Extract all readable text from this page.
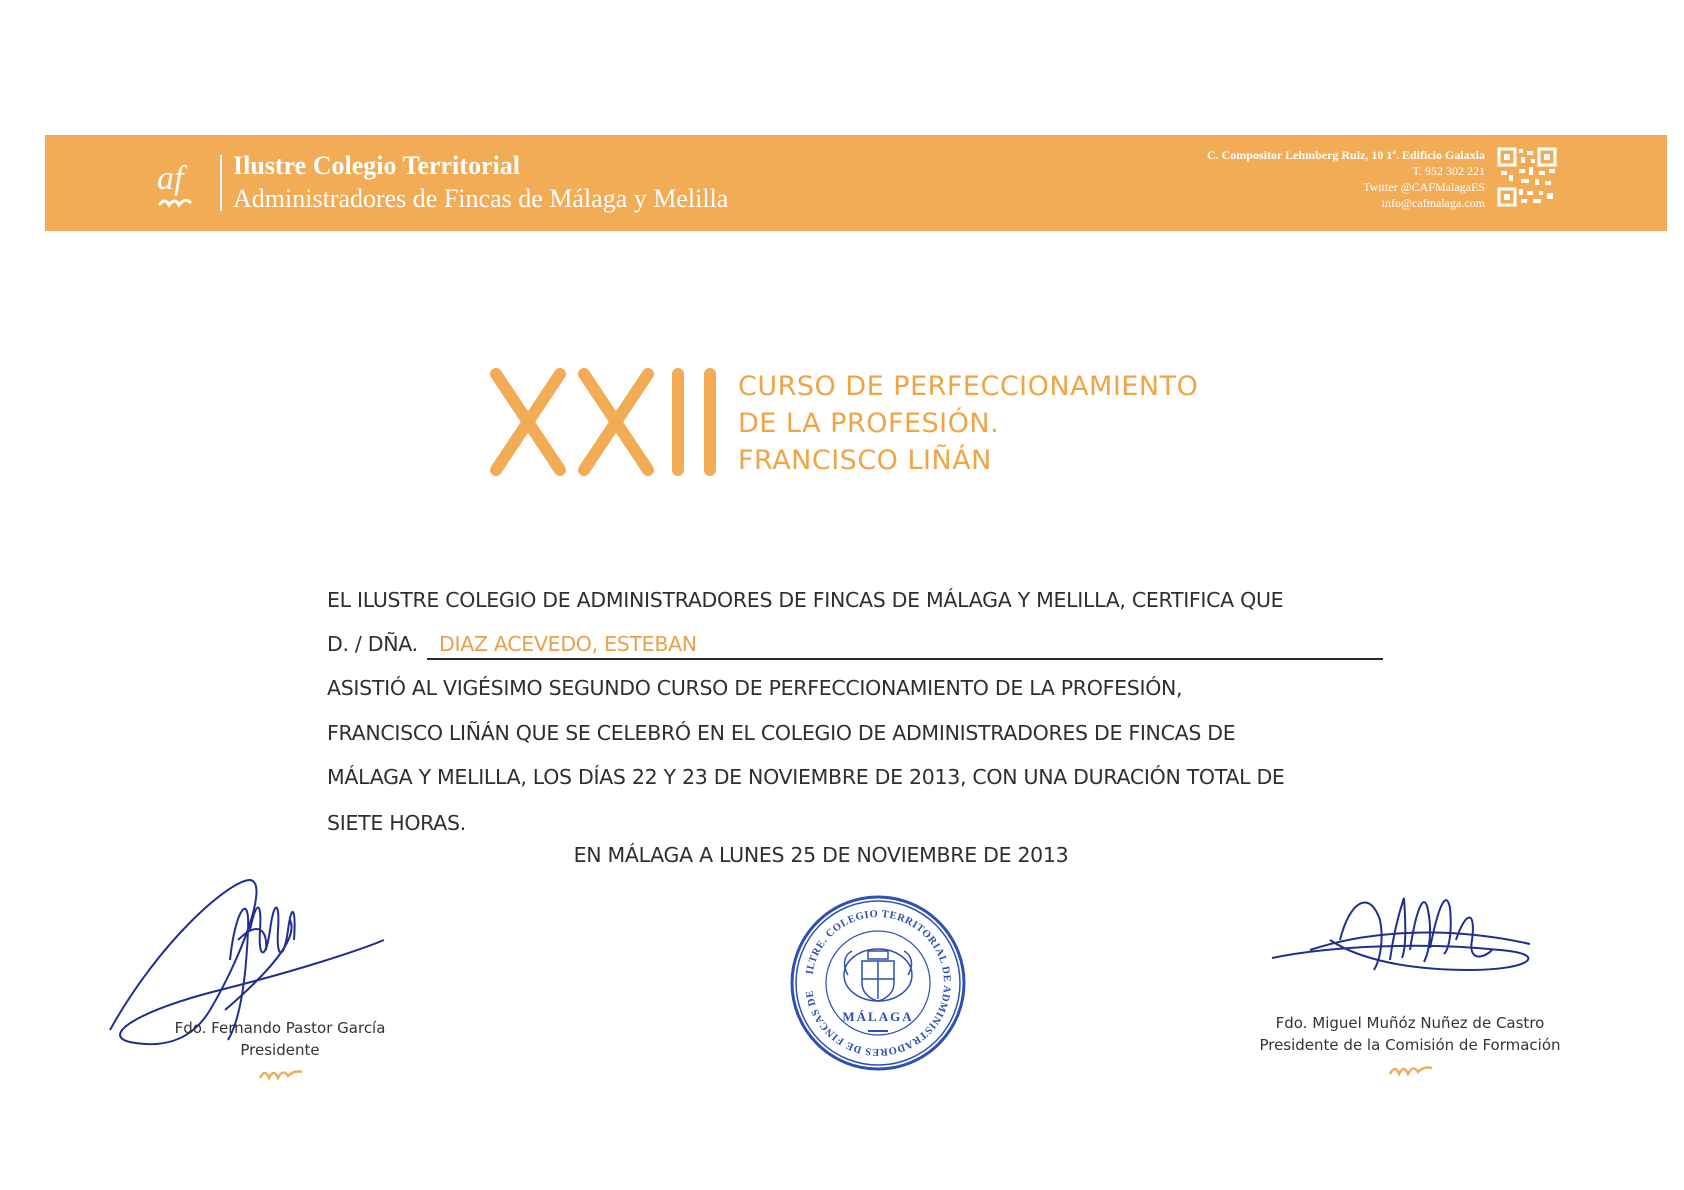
af Ilustre Colegio Territorial
Administradores de Fincas de Málaga y Melilla
C. Compositor Lehmberg Ruiz, 10 1ª. Edificio Galaxia
T. 952 302 221
Twitter @CAFMalagaES
info@cafmalaga.com
XXII
CURSO DE PERFECCIONAMIENTO
DE LA PROFESIÓN.
FRANCISCO LIÑÁN
EL ILUSTRE COLEGIO DE ADMINISTRADORES DE FINCAS DE MÁLAGA Y MELILLA, CERTIFICA QUE
D. / DÑA. DIAZ ACEVEDO, ESTEBAN
ASISTIÓ AL VIGÉSIMO SEGUNDO CURSO DE PERFECCIONAMIENTO DE LA PROFESIÓN,
FRANCISCO LIÑÁN QUE SE CELEBRÓ EN EL COLEGIO DE ADMINISTRADORES DE FINCAS DE
MÁLAGA Y MELILLA, LOS DÍAS 22 Y 23 DE NOVIEMBRE DE 2013, CON UNA DURACIÓN TOTAL DE
SIETE HORAS.
EN MÁLAGA A LUNES 25 DE NOVIEMBRE DE 2013
Fdo. Fernando Pastor García
Presidente
ILTRE. COLEGIO TERRITORIAL DE ADMINISTRADORES DE FINCAS DE
MÁLAGA	Fdo. Miguel Muñóz Nuñez de Castro
Presidente de la Comisión de Formación
